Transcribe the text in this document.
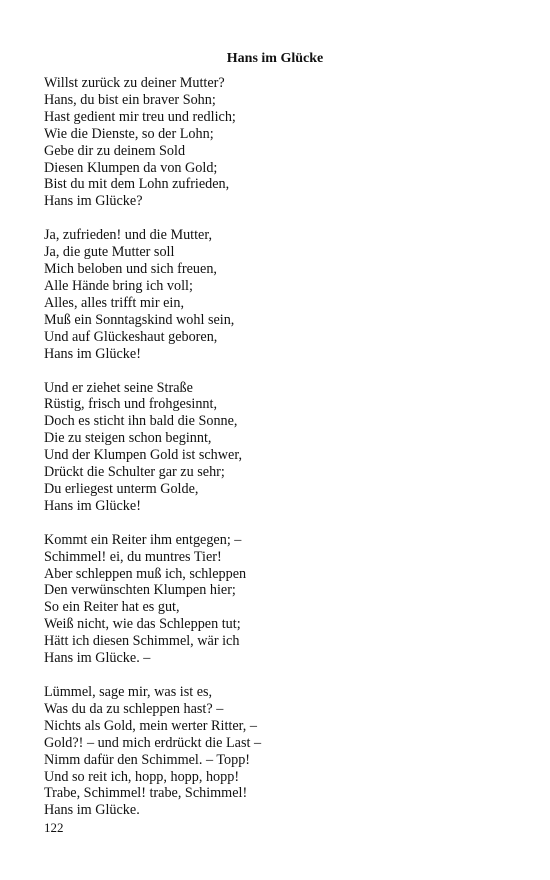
Hans im Glücke
Willst zurück zu deiner Mutter?
Hans, du bist ein braver Sohn;
Hast gedient mir treu und redlich;
Wie die Dienste, so der Lohn;
Gebe dir zu deinem Sold
Diesen Klumpen da von Gold;
Bist du mit dem Lohn zufrieden,
Hans im Glücke?
Ja, zufrieden! und die Mutter,
Ja, die gute Mutter soll
Mich beloben und sich freuen,
Alle Hände bring ich voll;
Alles, alles trifft mir ein,
Muß ein Sonntagskind wohl sein,
Und auf Glückeshaut geboren,
Hans im Glücke!
Und er ziehet seine Straße
Rüstig, frisch und frohgesinnt,
Doch es sticht ihn bald die Sonne,
Die zu steigen schon beginnt,
Und der Klumpen Gold ist schwer,
Drückt die Schulter gar zu sehr;
Du erliegest unterm Golde,
Hans im Glücke!
Kommt ein Reiter ihm entgegen; –
Schimmel! ei, du muntres Tier!
Aber schleppen muß ich, schleppen
Den verwünschten Klumpen hier;
So ein Reiter hat es gut,
Weiß nicht, wie das Schleppen tut;
Hätt ich diesen Schimmel, wär ich
Hans im Glücke. –
Lümmel, sage mir, was ist es,
Was du da zu schleppen hast? –
Nichts als Gold, mein werter Ritter, –
Gold?! – und mich erdrückt die Last –
Nimm dafür den Schimmel. – Topp!
Und so reit ich, hopp, hopp, hopp!
Trabe, Schimmel! trabe, Schimmel!
Hans im Glücke.
122
